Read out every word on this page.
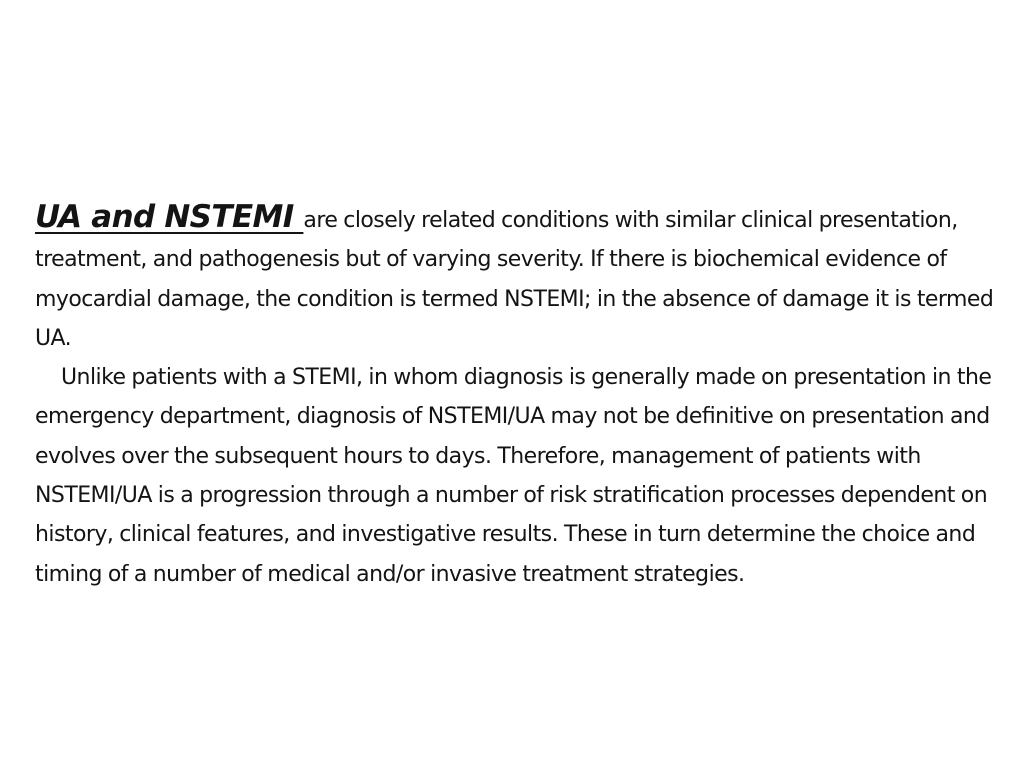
UA and NSTEMI are closely related conditions with similar clinical presentation, treatment, and pathogenesis but of varying severity. If there is biochemical evidence of myocardial damage, the condition is termed NSTEMI; in the absence of damage it is termed UA.

Unlike patients with a STEMI, in whom diagnosis is generally made on presentation in the emergency department, diagnosis of NSTEMI/UA may not be deﬁnitive on presentation and evolves over the subsequent hours to days. Therefore, management of patients with NSTEMI/UA is a progression through a number of risk stratiﬁcation processes dependent on history, clinical features, and investigative results. These in turn determine the choice and timing of a number of medical and/or invasive treatment strategies.
